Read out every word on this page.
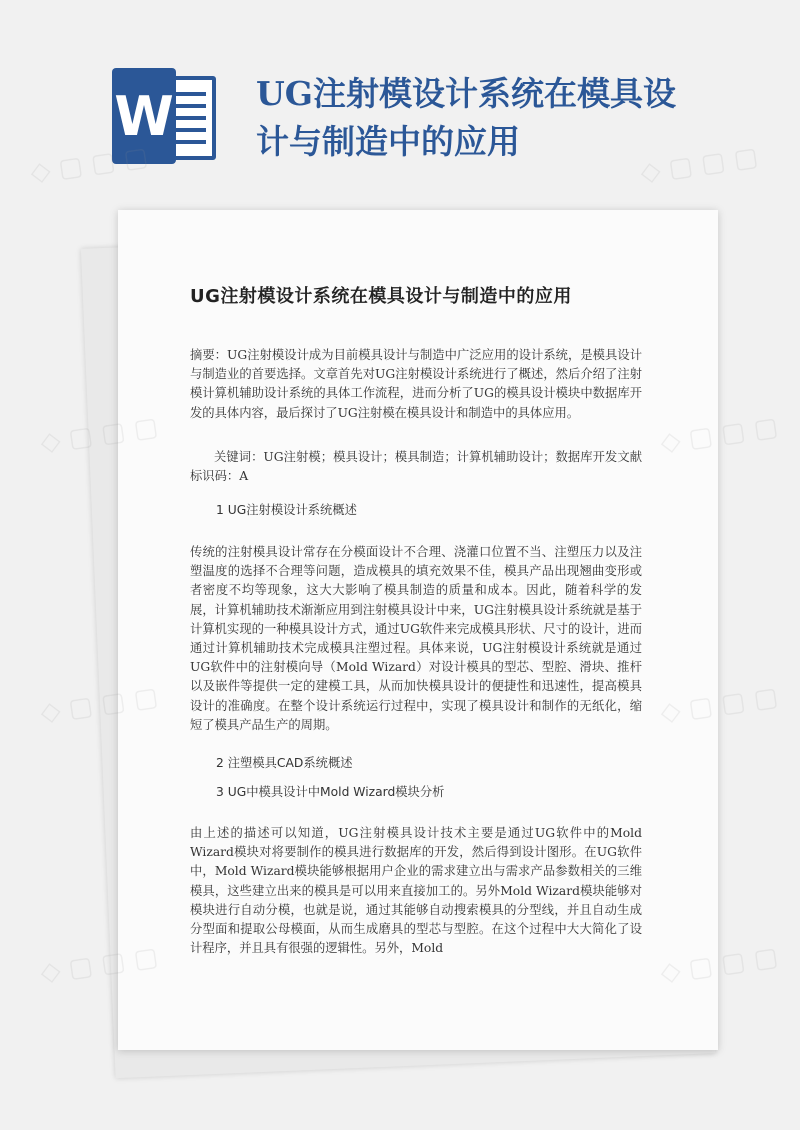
W UG注射模设计系统在模具设计与制造中的应用
UG注射模设计系统在模具设计与制造中的应用

摘要：UG注射模设计成为目前模具设计与制造中广泛应用的设计系统，是模具设计与制造业的首要选择。文章首先对UG注射模设计系统进行了概述，然后介绍了注射模计算机辅助设计系统的具体工作流程，进而分析了UG的模具设计模块中数据库开发的具体内容，最后探讨了UG注射模在模具设计和制造中的具体应用。

关键词：UG注射模；模具设计；模具制造；计算机辅助设计；数据库开发文献标识码：A

1 UG注射模设计系统概述

传统的注射模具设计常存在分模面设计不合理、浇灌口位置不当、注塑压力以及注塑温度的选择不合理等问题，造成模具的填充效果不佳，模具产品出现翘曲变形或者密度不均等现象，这大大影响了模具制造的质量和成本。因此，随着科学的发展，计算机辅助技术渐渐应用到注射模具设计中来，UG注射模具设计系统就是基于计算机实现的一种模具设计方式，通过UG软件来完成模具形状、尺寸的设计，进而通过计算机辅助技术完成模具注塑过程。具体来说，UG注射模设计系统就是通过UG软件中的注射模向导（Mold Wizard）对设计模具的型芯、型腔、滑块、推杆以及嵌件等提供一定的建模工具，从而加快模具设计的便捷性和迅速性，提高模具设计的准确度。在整个设计系统运行过程中，实现了模具设计和制作的无纸化，缩短了模具产品生产的周期。

2 注塑模具CAD系统概述

3 UG中模具设计中Mold Wizard模块分析

由上述的描述可以知道，UG注射模具设计技术主要是通过UG软件中的Mold Wizard模块对将要制作的模具进行数据库的开发，然后得到设计图形。在UG软件中，Mold Wizard模块能够根据用户企业的需求建立出与需求产品参数相关的三维模具，这些建立出来的模具是可以用来直接加工的。另外Mold Wizard模块能够对模块进行自动分模，也就是说，通过其能够自动搜索模具的分型线，并且自动生成分型面和提取公母模面，从而生成磨具的型芯与型腔。在这个过程中大大简化了设计程序，并且具有很强的逻辑性。另外，Mold

◇ ▢ ▢ ▢	◇ ▢ ▢ ▢
◇ ▢	◇ ▢ ▢ ▢
◇ ▢	◇ ▢ ▢ ▢
◇ ▢ ▢ ▢	◇ ▢ ▢ ▢
